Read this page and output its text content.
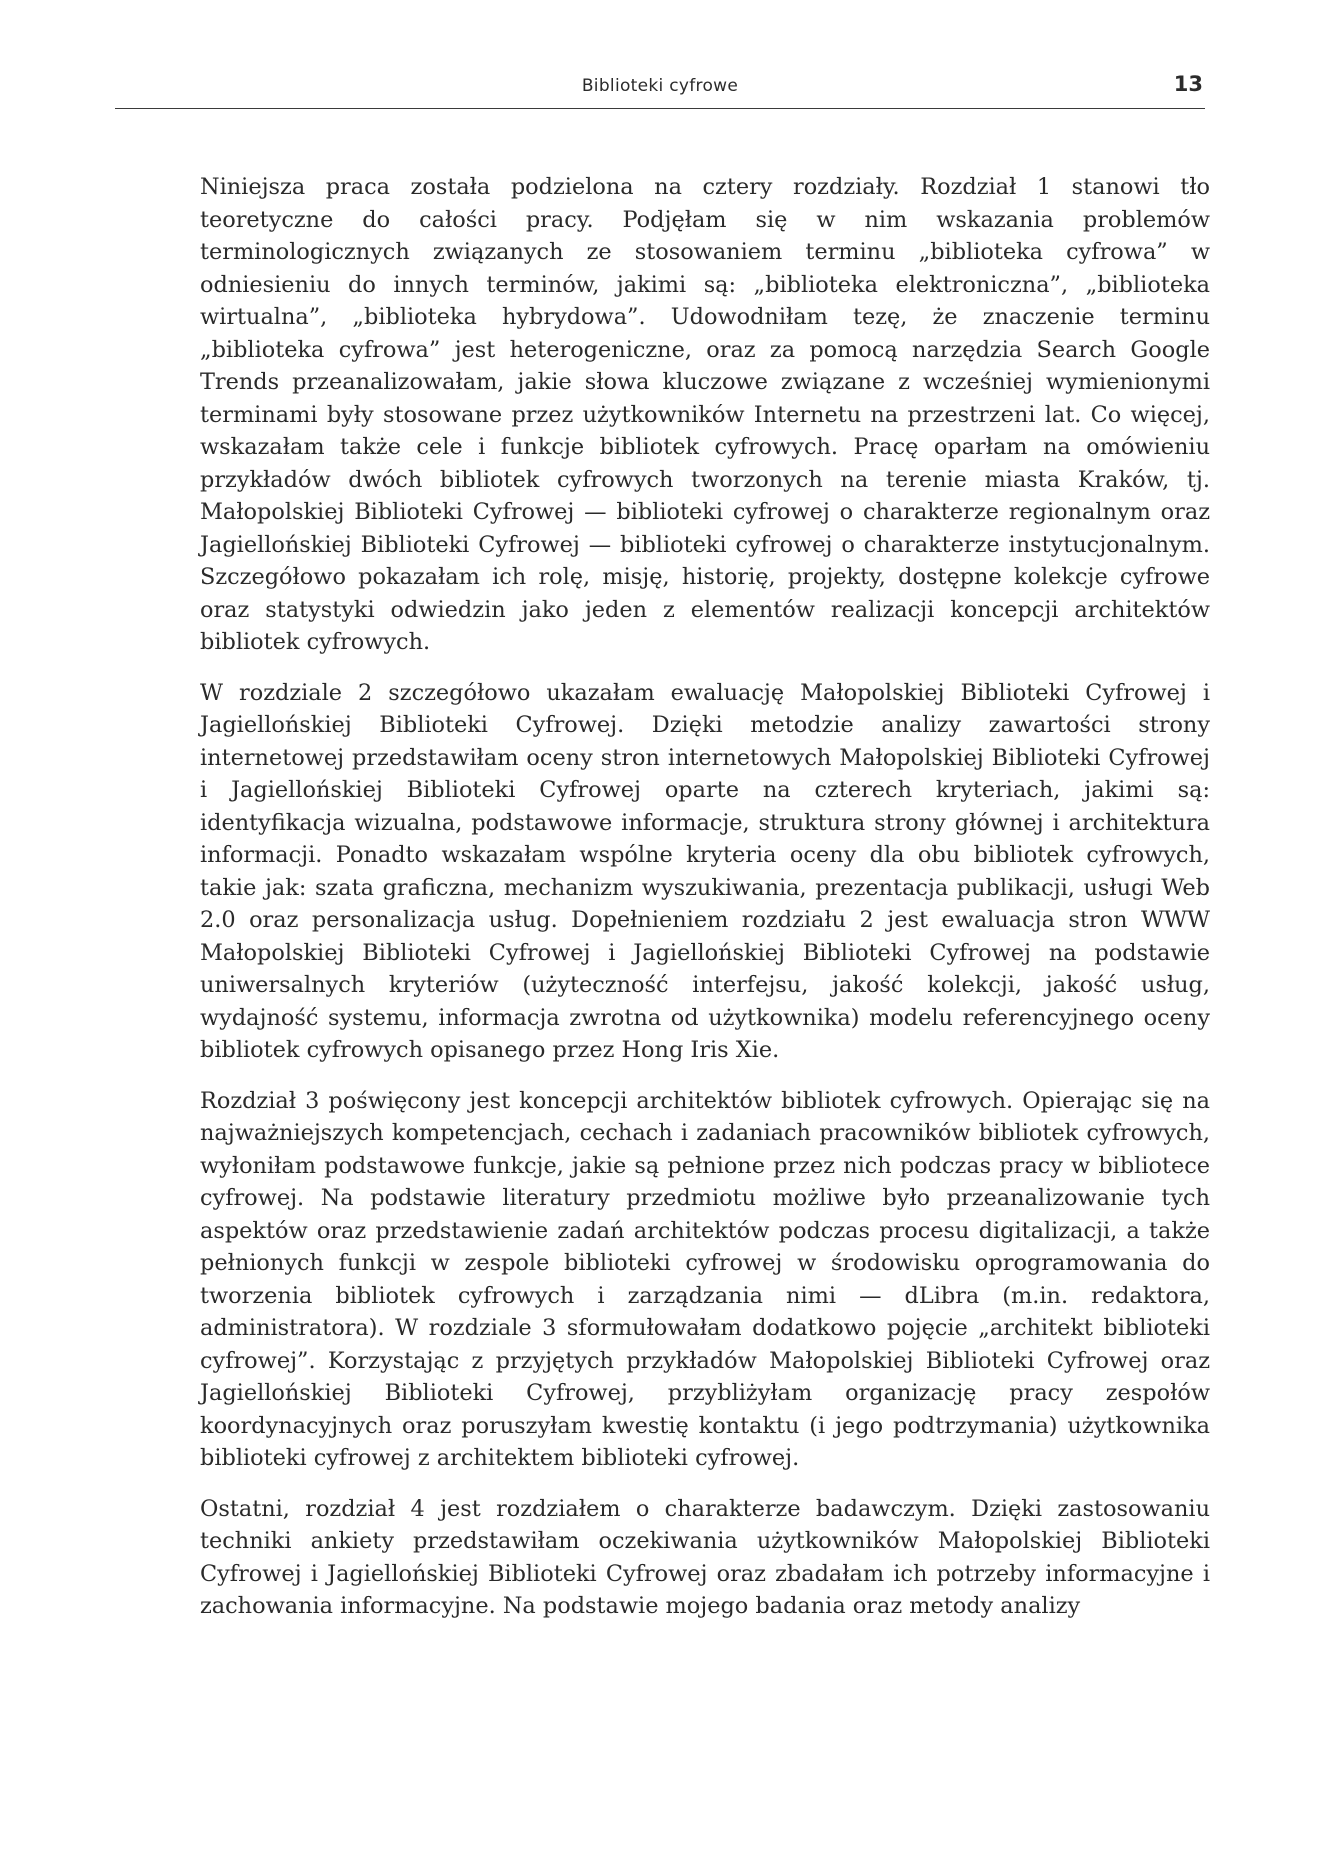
Biblioteki cyfrowe	13

Niniejsza praca została podzielona na cztery rozdziały. Rozdział 1 stanowi tło teoretyczne do całości pracy. Podjęłam się w nim wskazania problemów terminologicznych związanych ze stosowaniem terminu „biblioteka cyfrowa” w odniesieniu do innych terminów, jakimi są: „biblioteka elektroniczna”, „biblioteka wirtualna”, „biblioteka hybrydowa”. Udowodniłam tezę, że znaczenie terminu „biblioteka cyfrowa” jest heterogeniczne, oraz za pomocą narzędzia Search Google Trends przeanalizowałam, jakie słowa kluczowe związane z wcześniej wymienionymi terminami były stosowane przez użytkowników Internetu na przestrzeni lat. Co więcej, wskazałam także cele i funkcje bibliotek cyfrowych. Pracę oparłam na omówieniu przykładów dwóch bibliotek cyfrowych tworzonych na terenie miasta Kraków, tj. Małopolskiej Biblioteki Cyfrowej — biblioteki cyfrowej o charakterze regionalnym oraz Jagiellońskiej Biblioteki Cyfrowej — biblioteki cyfrowej o charakterze instytucjonalnym. Szczegółowo pokazałam ich rolę, misję, historię, projekty, dostępne kolekcje cyfrowe oraz statystyki odwiedzin jako jeden z elementów realizacji koncepcji architektów bibliotek cyfrowych.

W rozdziale 2 szczegółowo ukazałam ewaluację Małopolskiej Biblioteki Cyfrowej i Jagiellońskiej Biblioteki Cyfrowej. Dzięki metodzie analizy zawartości strony internetowej przedstawiłam oceny stron internetowych Małopolskiej Biblioteki Cyfrowej i Jagiellońskiej Biblioteki Cyfrowej oparte na czterech kryteriach, jakimi są: identyfikacja wizualna, podstawowe informacje, struktura strony głównej i architektura informacji. Ponadto wskazałam wspólne kryteria oceny dla obu bibliotek cyfrowych, takie jak: szata graficzna, mechanizm wyszukiwania, prezentacja publikacji, usługi Web 2.0 oraz personalizacja usług. Dopełnieniem rozdziału 2 jest ewaluacja stron WWW Małopolskiej Biblioteki Cyfrowej i Jagiellońskiej Biblioteki Cyfrowej na podstawie uniwersalnych kryteriów (użyteczność interfejsu, jakość kolekcji, jakość usług, wydajność systemu, informacja zwrotna od użytkownika) modelu referencyjnego oceny bibliotek cyfrowych opisanego przez Hong Iris Xie.

Rozdział 3 poświęcony jest koncepcji architektów bibliotek cyfrowych. Opierając się na najważniejszych kompetencjach, cechach i zadaniach pracowników bibliotek cyfrowych, wyłoniłam podstawowe funkcje, jakie są pełnione przez nich podczas pracy w bibliotece cyfrowej. Na podstawie literatury przedmiotu możliwe było przeanalizowanie tych aspektów oraz przedstawienie zadań architektów podczas procesu digitalizacji, a także pełnionych funkcji w zespole biblioteki cyfrowej w środowisku oprogramowania do tworzenia bibliotek cyfrowych i zarządzania nimi — dLibra (m.in. redaktora, administratora). W rozdziale 3 sformułowałam dodatkowo pojęcie „architekt biblioteki cyfrowej”. Korzystając z przyjętych przykładów Małopolskiej Biblioteki Cyfrowej oraz Jagiellońskiej Biblioteki Cyfrowej, przybliżyłam organizację pracy zespołów koordynacyjnych oraz poruszyłam kwestię kontaktu (i jego podtrzymania) użytkownika biblioteki cyfrowej z architektem biblioteki cyfrowej.

Ostatni, rozdział 4 jest rozdziałem o charakterze badawczym. Dzięki zastosowaniu techniki ankiety przedstawiłam oczekiwania użytkowników Małopolskiej Biblioteki Cyfrowej i Jagiellońskiej Biblioteki Cyfrowej oraz zbadałam ich potrzeby informacyjne i zachowania informacyjne. Na podstawie mojego badania oraz metody analizy
